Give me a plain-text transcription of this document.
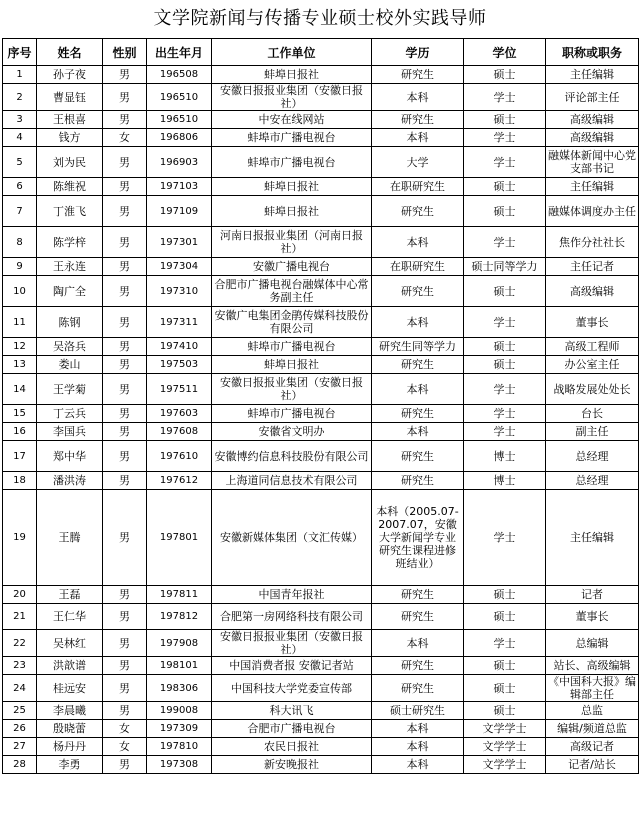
文学院新闻与传播专业硕士校外实践导师
序号	姓名	性别	出生年月	工作单位	学历	学位	职称或职务
1	孙子夜	男	196508	蚌埠日报社	研究生	硕士	主任编辑
2	曹显钰	男	196510	安徽日报报业集团（安徽日报社）	本科	学士	评论部主任
3	王根喜	男	196510	中安在线网站	研究生	硕士	高级编辑
4	钱方	女	196806	蚌埠市广播电视台	本科	学士	高级编辑
5	刘为民	男	196903	蚌埠市广播电视台	大学	学士	融媒体新闻中心党支部书记
6	陈维祝	男	197103	蚌埠日报社	在职研究生	硕士	主任编辑
7	丁淮飞	男	197109	蚌埠日报社	研究生	硕士	融媒体调度办主任
8	陈学梓	男	197301	河南日报报业集团（河南日报社）	本科	学士	焦作分社社长
9	王永连	男	197304	安徽广播电视台	在职研究生	硕士同等学力	主任记者
10	陶广全	男	197310	合肥市广播电视台融媒体中心常务副主任	研究生	硕士	高级编辑
11	陈钢	男	197311	安徽广电集团金鹃传媒科技股份有限公司	本科	学士	董事长
12	吴洛兵	男	197410	蚌埠市广播电视台	研究生同等学力	硕士	高级工程师
13	娄山	男	197503	蚌埠日报社	研究生	硕士	办公室主任
14	王学菊	男	197511	安徽日报报业集团（安徽日报社）	本科	学士	战略发展处处长
15	丁云兵	男	197603	蚌埠市广播电视台	研究生	学士	台长
16	李国兵	男	197608	安徽省文明办	本科	学士	副主任
17	郑中华	男	197610	安徽博约信息科技股份有限公司	研究生	博士	总经理
18	潘洪涛	男	197612	上海道同信息技术有限公司	研究生	博士	总经理
19	王腾	男	197801	安徽新媒体集团（文汇传媒）	本科（2005.07-2007.07，安徽大学新闻学专业研究生课程进修班结业）	学士	主任编辑
20	王磊	男	197811	中国青年报社	研究生	硕士	记者
21	王仁华	男	197812	合肥第一房网络科技有限公司	研究生	硕士	董事长
22	吴林红	男	197908	安徽日报报业集团（安徽日报社）	本科	学士	总编辑
23	洪歆谱	男	198101	中国消费者报 安徽记者站	研究生	硕士	站长、高级编辑
24	桂远安	男	198306	中国科技大学党委宣传部	研究生	硕士	《中国科大报》编辑部主任
25	李晨曦	男	199008	科大讯飞	硕士研究生	硕士	总监
26	殷晓蕾	女	197309	合肥市广播电视台	本科	文学学士	编辑/频道总监
27	杨丹丹	女	197810	农民日报社	本科	文学学士	高级记者
28	李勇	男	197308	新安晚报社	本科	文学学士	记者/站长
